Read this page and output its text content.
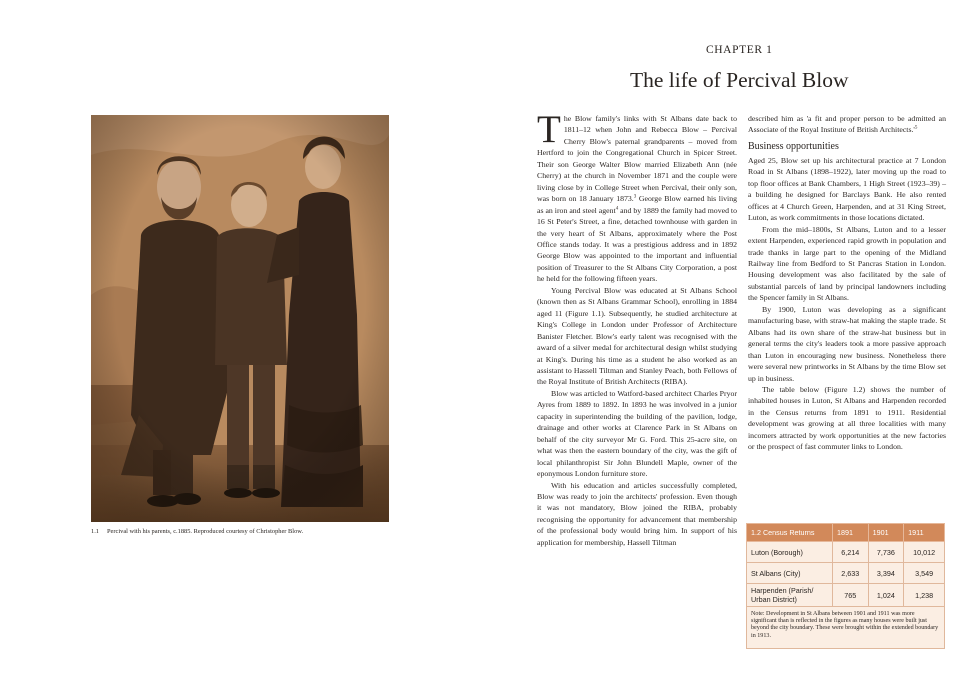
CHAPTER 1
The life of Percival Blow
1.1 Percival with his parents, c.1885. Reproduced courtesy of Christopher Blow.

The Blow family's links with St Albans date back to 1811–12 when John and Rebecca Blow – Percival Cherry Blow's paternal grandparents – moved from Hertford to join the Congregational Church in Spicer Street. Their son George Walter Blow married Elizabeth Ann (née Cherry) at the church in November 1871 and the couple were living close by in College Street when Percival, their only son, was born on 18 January 1873.$^3$ George Blow earned his living as an iron and steel agent$^4$ and by 1889 the family had moved to 16 St Peter's Street, a fine, detached townhouse with garden in the very heart of St Albans, approximately where the Post Office stands today. It was a prestigious address and in 1892 George Blow was appointed to the important and influential position of Treasurer to the St Albans City Corporation, a post he held for the following fifteen years.

Young Percival Blow was educated at St Albans School (known then as St Albans Grammar School), enrolling in 1884 aged 11 (Figure 1.1). Subsequently, he studied architecture at King's College in London under Professor of Architecture Banister Fletcher. Blow's early talent was recognised with the award of a silver medal for architectural design whilst studying at King's. During his time as a student he also worked as an assistant to Hassell Tiltman and Stanley Peach, both Fellows of the Royal Institute of British Architects (RIBA).

Blow was articled to Watford-based architect Charles Pryor Ayres from 1889 to 1892. In 1893 he was involved in a junior capacity in superintending the building of the pavilion, lodge, drainage and other works at Clarence Park in St Albans on behalf of the city surveyor Mr G. Ford. This 25-acre site, on what was then the eastern boundary of the city, was the gift of local philanthropist Sir John Blundell Maple, owner of the eponymous London furniture store.

With his education and articles successfully completed, Blow was ready to join the architects' profession. Even though it was not mandatory, Blow joined the RIBA, probably recognising the opportunity for advancement that membership of the professional body would bring him. In support of his application for membership, Hassell Tiltman

described him as 'a fit and proper person to be admitted an Associate of the Royal Institute of British $Architects.'^5$

Business opportunities

Aged 25, Blow set up his architectural practice at 7 London Road in St Albans (1898–1922), later moving up the road to top floor offices at Bank Chambers, 1 High Street (1923–39) – a building he designed for Barclays Bank. He also rented offices at 4 Church Green, Harpenden, and at 31 King Street, Luton, as work commitments in those locations dictated.

From the mid–1800s, St Albans, Luton and to a lesser extent Harpenden, experienced rapid growth in population and trade thanks in large part to the opening of the Midland Railway line from Bedford to St Pancras Station in London. Housing development was also facilitated by the sale of substantial parcels of land by principal landowners including the Spencer family in St Albans.

By 1900, Luton was developing as a significant manufacturing base, with straw-hat making the staple trade. St Albans had its own share of the straw-hat business but in general terms the city's leaders took a more passive approach than Luton in encouraging new business. Nonetheless there were several new printworks in St Albans by the time Blow set up in business.

The table below (Figure 1.2) shows the number of inhabited houses in Luton, St Albans and Harpenden recorded in the Census returns from 1891 to 1911. Residential development was growing at all three localities with many incomers attracted by work opportunities at the new factories or the prospect of fast commuter links to London.

1.2 Census Returns	1891	1901	1911
Luton (Borough)	6,214	7,736	10,012
St Albans (City)	2,633	3,394	3,549
Harpenden (Parish/ Urban District)	765	1,024	1,238
Note: Development in St Albans between 1901 and 1911 was more significant than is reflected in the figures as many houses were built just beyond the city boundary. These were brought within the extended boundary in 1913.			
